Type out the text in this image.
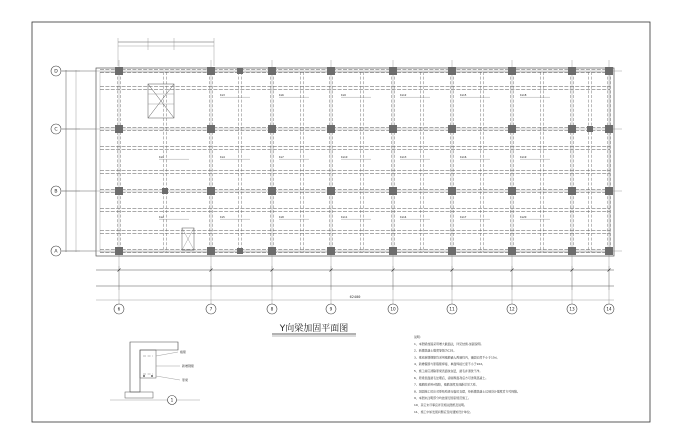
KL1
KL2
KL3
KL4
KL5
KL6
KL7
KL8
KL9
KL10
KL11
KL12
KL13
KL14
KL15
KL16
KL17
KL18
KL19
KL20
62400
D
C
B
A
6	7	8	9	10	11	12	13	14
Y向梁加固平面图
植筋
新增钢筋
原梁
1
说明：
1、本图梁加固采用增大截面法，详见结施-加固说明。
2、新增混凝土强度等级为C35。
3、梁底新增钢筋均采用植筋锚入两端柱内，锚固长度不小于15d。
4、新增箍筋与原箍筋焊接，单面焊接长度不小于10d。
5、施工前应清除原梁表面抹灰层，凿毛并清洗干净。
6、原梁表面凿毛处理后，涂刷界面剂后方可浇筑混凝土。
7、植筋胶采用A级胶，植筋深度及间距详见大样。
8、加固施工时应对原结构进行临时支撑，待新增混凝土达到设计强度后方可拆除。
9、本图未注明部分均按现行国家规范施工。
10、其它未尽事宜详见相关图纸及说明。
11、施工中如发现问题应及时通知设计单位。
